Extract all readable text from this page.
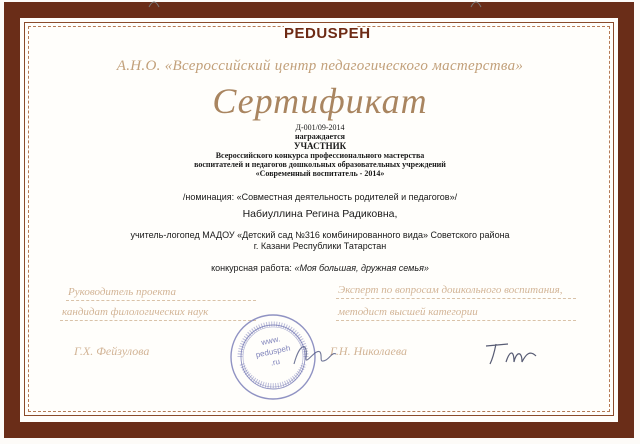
PEDUSPEH
А.Н.О. «Всероссийский центр педагогического мастерства»
Сертификат
Д-001/09-2014
награждается
УЧАСТНИК
Всероссийского конкурса профессионального мастерства
воспитателей и педагогов дошкольных образовательных учреждений
«Современный воспитатель - 2014»
/номинация: «Совместная деятельность родителей и педагогов»/
Набиуллина Регина Радиковна,
учитель-логопед МАДОУ «Детский сад №316 комбинированного вида» Советского района
г. Казани Республики Татарстан
конкурсная работа: «Моя большая, дружная семья»
Руководитель проекта
кандидат филологических наук
Г.Х. Фейзулова
Эксперт по вопросам дошкольного воспитания,
методист высшей категории
Г.Н. Николаева
www. peduspeh .ru
